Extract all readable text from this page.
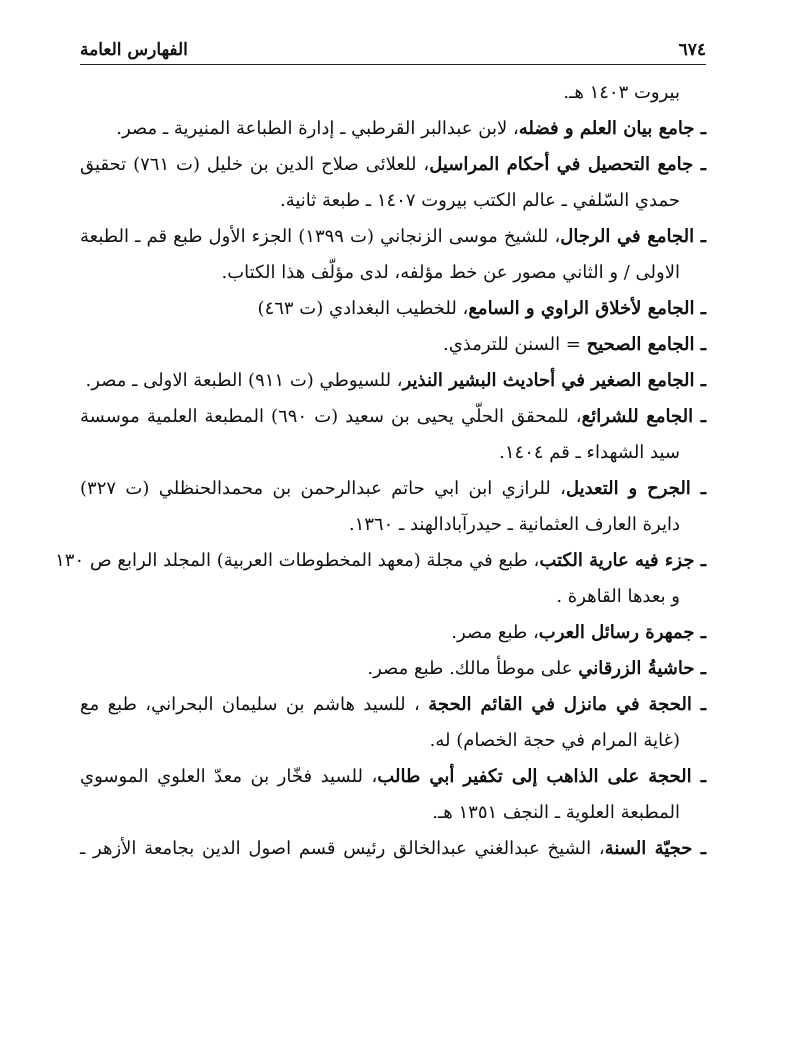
٦٧٤
الفهارس العامة
بيروت ١٤٠٣ هـ.
ـ جامع بيان العلم و فضله، لابن عبدالبر القرطبي ـ إدارة الطباعة المنيرية ـ مصر.
ـ جامع التحصيل في أحكام المراسيل، للعلائى صلاح الدين بن خليل (ت ٧٦١) تحقيق
حمدي السّلفي ـ عالم الكتب بيروت ١٤٠٧ ـ طبعة ثانية.
ـ الجامع في الرجال، للشيخ موسى الزنجاني (ت ١٣٩٩) الجزء الأول طبع قم ـ الطبعة
الاولى / و الثاني مصور عن خط مؤلفه، لدى مؤلّف هذا الكتاب.
ـ الجامع لأخلاق الراوي و السامع، للخطيب البغدادي (ت ٤٦٣)
ـ الجامع الصحيح = السنن للترمذي.
ـ الجامع الصغير في أحاديث البشير النذير، للسيوطي (ت ٩١١) الطبعة الاولى ـ مصر.
ـ الجامع للشرائع، للمحقق الحلّي يحيى بن سعيد (ت ٦٩٠) المطبعة العلمية موسسة
سيد الشهداء ـ قم ١٤٠٤.
ـ الجرح و التعديل، للرازي ابن ابي حاتم عبدالرحمن بن محمدالحنظلي (ت ٣٢٧)
دايرة العارف العثمانية ـ حيدرآبادالهند ـ ١٣٦٠.
ـ جزء فيه عارية الكتب، طبع في مجلة (معهد المخطوطات العربية) المجلد الرابع ص ١٣٠
و بعدها القاهرة .
ـ جمهرة رسائل العرب، طبع مصر.
ـ حاشيةُ الزرقاني على موطأ مالك. طبع مصر.
ـ الحجة في مانزل في القائم الحجة ، للسيد هاشم بن سليمان البحراني، طبع مع
(غاية المرام في حجة الخصام) له.
ـ الحجة على الذاهب إلى تكفير أبي طالب، للسيد فخّار بن معدّ العلوي الموسوي
المطبعة العلوية ـ النجف ١٣٥١ هـ.
ـ حجيّة السنة، الشيخ عبدالغني عبدالخالق رئيس قسم اصول الدين بجامعة الأزهر ـ
